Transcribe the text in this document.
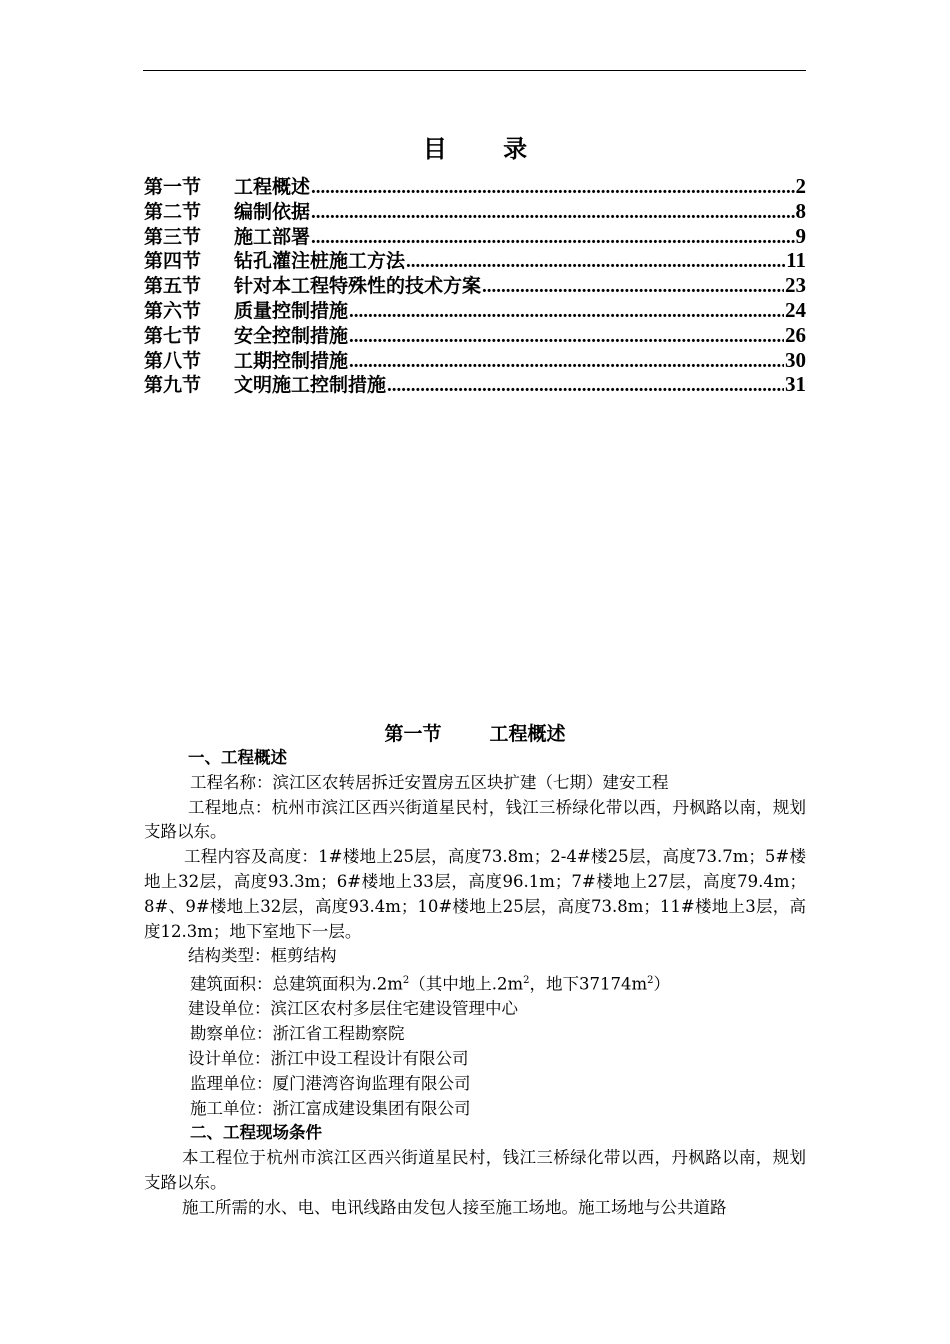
目 录
第一节	工程概述 .....	2
第二节	编制依据 .....	8
第三节	施工部署 .....	9
第四节	钻孔灌注桩施工方法 .....	11
第五节	针对本工程特殊性的技术方案 .....	23
第六节	质量控制措施 .....	24
第七节	安全控制措施 .....	26
第八节	工期控制措施 .....	30
第九节	文明施工控制措施 .....	31
第一节	工程概述

一、工程概述

工程名称：滨江区农转居拆迁安置房五区块扩建（七期）建安工程

工程地点：杭州市滨江区西兴街道星民村，钱江三桥绿化带以西，丹枫路以南，规划支路以东。

工程内容及高度：1#楼地上25层，高度73.8m；2-4#楼25层，高度73.7m；5#楼地上32层，高度93.3m；6#楼地上33层，高度96.1m；7#楼地上27层，高度79.4m；8#、9#楼地上32层，高度93.4m；10#楼地上25层，高度73.8m；11#楼地上3层，高度12.3m；地下室地下一层。

结构类型：框剪结构

建筑面积：总建筑面积为$.2m^2$（其中地上$.2m^2$，地下$37174m^2$）

建设单位：滨江区农村多层住宅建设管理中心

勘察单位：浙江省工程勘察院

设计单位：浙江中设工程设计有限公司

监理单位：厦门港湾咨询监理有限公司

施工单位：浙江富成建设集团有限公司

二、工程现场条件

本工程位于杭州市滨江区西兴街道星民村，钱江三桥绿化带以西，丹枫路以南，规划支路以东。

施工所需的水、电、电讯线路由发包人接至施工场地。施工场地与公共道路
